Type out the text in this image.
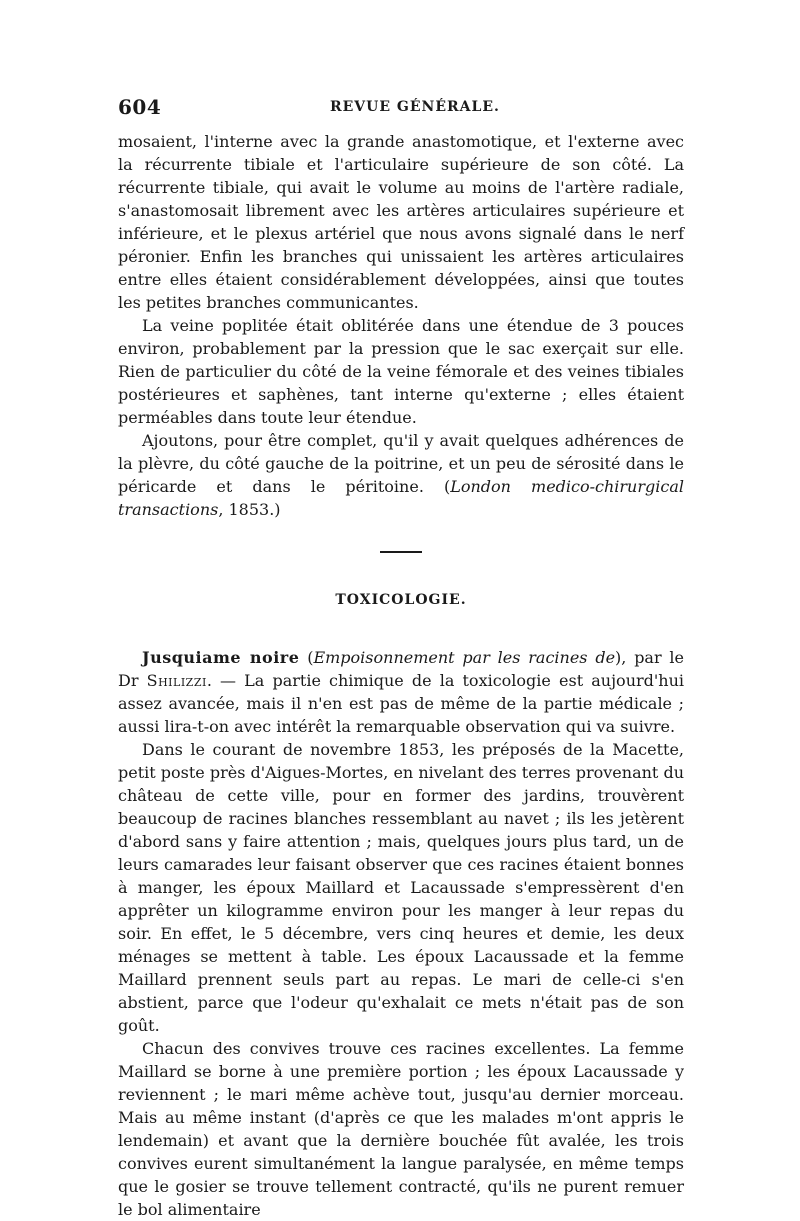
604	REVUE GÉNÉRALE.

mosaient, l'interne avec la grande anastomotique, et l'externe avec la récurrente tibiale et l'articulaire supérieure de son côté. La récurrente tibiale, qui avait le volume au moins de l'artère radiale, s'anastomosait librement avec les artères articulaires supérieure et inférieure, et le plexus artériel que nous avons signalé dans le nerf péronier. Enfin les branches qui unissaient les artères articulaires entre elles étaient considérablement développées, ainsi que toutes les petites branches communicantes.

La veine poplitée était oblitérée dans une étendue de 3 pouces environ, probablement par la pression que le sac exerçait sur elle. Rien de particulier du côté de la veine fémorale et des veines tibiales postérieures et saphènes, tant interne qu'externe ; elles étaient perméables dans toute leur étendue.

Ajoutons, pour être complet, qu'il y avait quelques adhérences de la plèvre, du côté gauche de la poitrine, et un peu de sérosité dans le péricarde et dans le péritoine. (London medico-chirurgical transactions, 1853.)

TOXICOLOGIE.

Jusquiame noire (Empoisonnement par les racines de), par le Dr Shilizzi. — La partie chimique de la toxicologie est aujourd'hui assez avancée, mais il n'en est pas de même de la partie médicale ; aussi lira-t-on avec intérêt la remarquable observation qui va suivre.

Dans le courant de novembre 1853, les préposés de la Macette, petit poste près d'Aigues-Mortes, en nivelant des terres provenant du château de cette ville, pour en former des jardins, trouvèrent beaucoup de racines blanches ressemblant au navet ; ils les jetèrent d'abord sans y faire attention ; mais, quelques jours plus tard, un de leurs camarades leur faisant observer que ces racines étaient bonnes à manger, les époux Maillard et Lacaussade s'empressèrent d'en apprêter un kilogramme environ pour les manger à leur repas du soir. En effet, le 5 décembre, vers cinq heures et demie, les deux ménages se mettent à table. Les époux Lacaussade et la femme Maillard prennent seuls part au repas. Le mari de celle-ci s'en abstient, parce que l'odeur qu'exhalait ce mets n'était pas de son goût.

Chacun des convives trouve ces racines excellentes. La femme Maillard se borne à une première portion ; les époux Lacaussade y reviennent ; le mari même achève tout, jusqu'au dernier morceau. Mais au même instant (d'après ce que les malades m'ont appris le lendemain) et avant que la dernière bouchée fût avalée, les trois convives eurent simultanément la langue paralysée, en même temps que le gosier se trouve tellement contracté, qu'ils ne purent remuer le bol alimentaire
